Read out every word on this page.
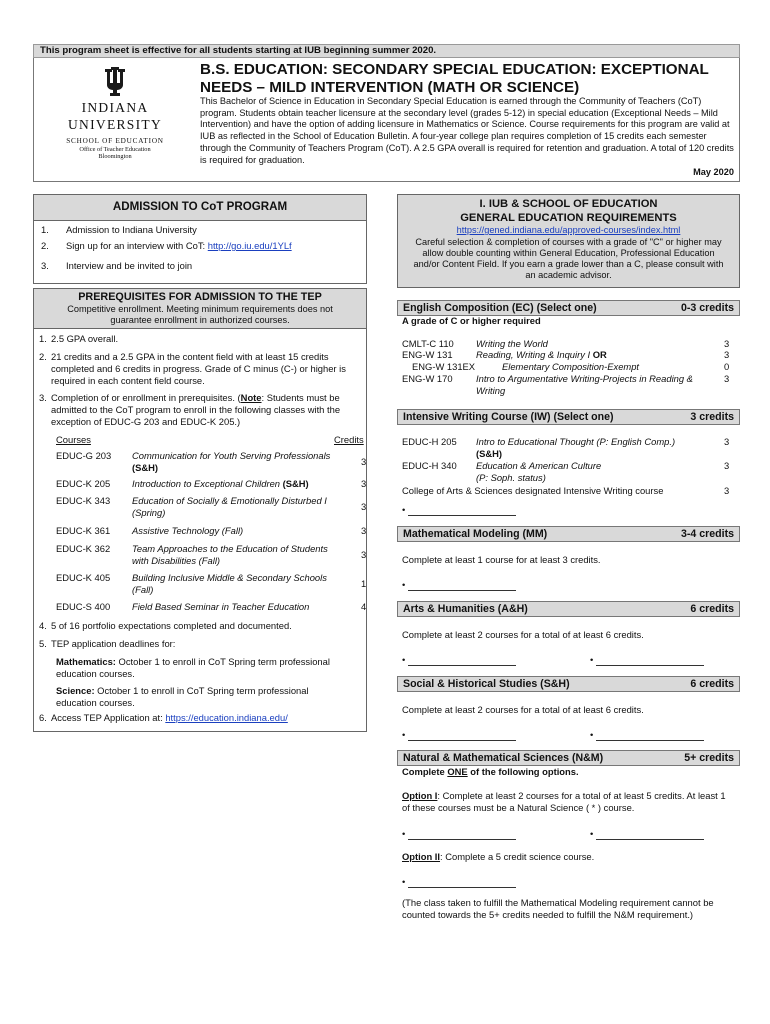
This program sheet is effective for all students starting at IUB beginning summer 2020.
INDIANA UNIVERSITY
SCHOOL OF EDUCATION
Office of Teacher Education
Bloomington
B.S. EDUCATION: SECONDARY SPECIAL EDUCATION: EXCEPTIONAL
NEEDS – MILD INTERVENTION (MATH OR SCIENCE)
This Bachelor of Science in Education in Secondary Special Education is earned through the Community of Teachers (CoT) program. Students obtain teacher licensure at the secondary level (grades 5-12) in special education (Exceptional Needs – Mild Intervention) and have the option of adding licensure in Mathematics or Science. Course requirements for this program are valid at IUB as reflected in the School of Education Bulletin. A four-year college plan requires completion of 15 credits each semester through the Community of Teachers Program (CoT). A 2.5 GPA overall is required for retention and graduation. A total of 120 credits is required for graduation.
May 2020
ADMISSION TO CoT PROGRAM
1. Admission to Indiana University
2. Sign up for an interview with CoT: http://go.iu.edu/1YLf
3. Interview and be invited to join
PREREQUISITES FOR ADMISSION TO THE TEP
Competitive enrollment. Meeting minimum requirements does not guarantee enrollment in authorized courses.
1. 2.5 GPA overall.
2. 21 credits and a 2.5 GPA in the content field with at least 15 credits completed and 6 credits in progress. Grade of C minus (C-) or higher is required in each content field course.
3. Completion of or enrollment in prerequisites. (Note: Students must be admitted to the CoT program to enroll in the following classes with the exception of EDUC-G 203 and EDUC-K 205.)
Courses	Credits
EDUC-G 203 Communication for Youth Serving Professionals (S&H)
3
EDUC-K 205 Introduction to Exceptional Children (S&H)	3
EDUC-K 343 Education of Socially & Emotionally Disturbed I (Spring)
3
EDUC-K 361 Assistive Technology (Fall)	3
EDUC-K 362 Team Approaches to the Education of Students with Disabilities (Fall)
3
EDUC-K 405 Building Inclusive Middle & Secondary Schools (Fall)
1
EDUC-S 400 Field Based Seminar in Teacher Education	4
4. 5 of 16 portfolio expectations completed and documented.
5. TEP application deadlines for:
Mathematics: October 1 to enroll in CoT Spring term professional education courses.
Science: October 1 to enroll in CoT Spring term professional education courses.
6. Access TEP Application at: https://education.indiana.edu/
I. IUB & SCHOOL OF EDUCATION
GENERAL EDUCATION REQUIREMENTS
https://gened.indiana.edu/approved-courses/index.html
Careful selection & completion of courses with a grade of "C" or higher may allow double counting within General Education, Professional Education and/or Content Field. If you earn a grade lower than a C, please consult with an academic advisor.
English Composition (EC) (Select one)	0-3 credits
A grade of C or higher required
CMLT-C 110 Writing the World	3
ENG-W 131 Reading, Writing & Inquiry I OR	3
ENG-W 131EX	Elementary Composition-Exempt	0
ENG-W 170 Intro to Argumentative Writing-Projects in Reading & Writing
3
Intensive Writing Course (IW) (Select one)	3 credits
EDUC-H 205 Intro to Educational Thought (P: English Comp.)
(S&H)
3
EDUC-H 340 Education & American Culture
(P: Soph. status)
3
College of Arts & Sciences designated Intensive Writing course	3
•
Mathematical Modeling (MM)	3-4 credits
Complete at least 1 course for at least 3 credits.
•
Arts & Humanities (A&H)	6 credits
Complete at least 2 courses for a total of at least 6 credits.
•	•
Social & Historical Studies (S&H)	6 credits
Complete at least 2 courses for a total of at least 6 credits.
•	•
Natural & Mathematical Sciences (N&M)	5+ credits
Complete ONE of the following options.
Option I: Complete at least 2 courses for a total of at least 5 credits. At least 1 of these courses must be a Natural Science ( * ) course.
•	•
Option II: Complete a 5 credit science course.
•
(The class taken to fulfill the Mathematical Modeling requirement cannot be counted towards the 5+ credits needed to fulfill the N&M requirement.)
